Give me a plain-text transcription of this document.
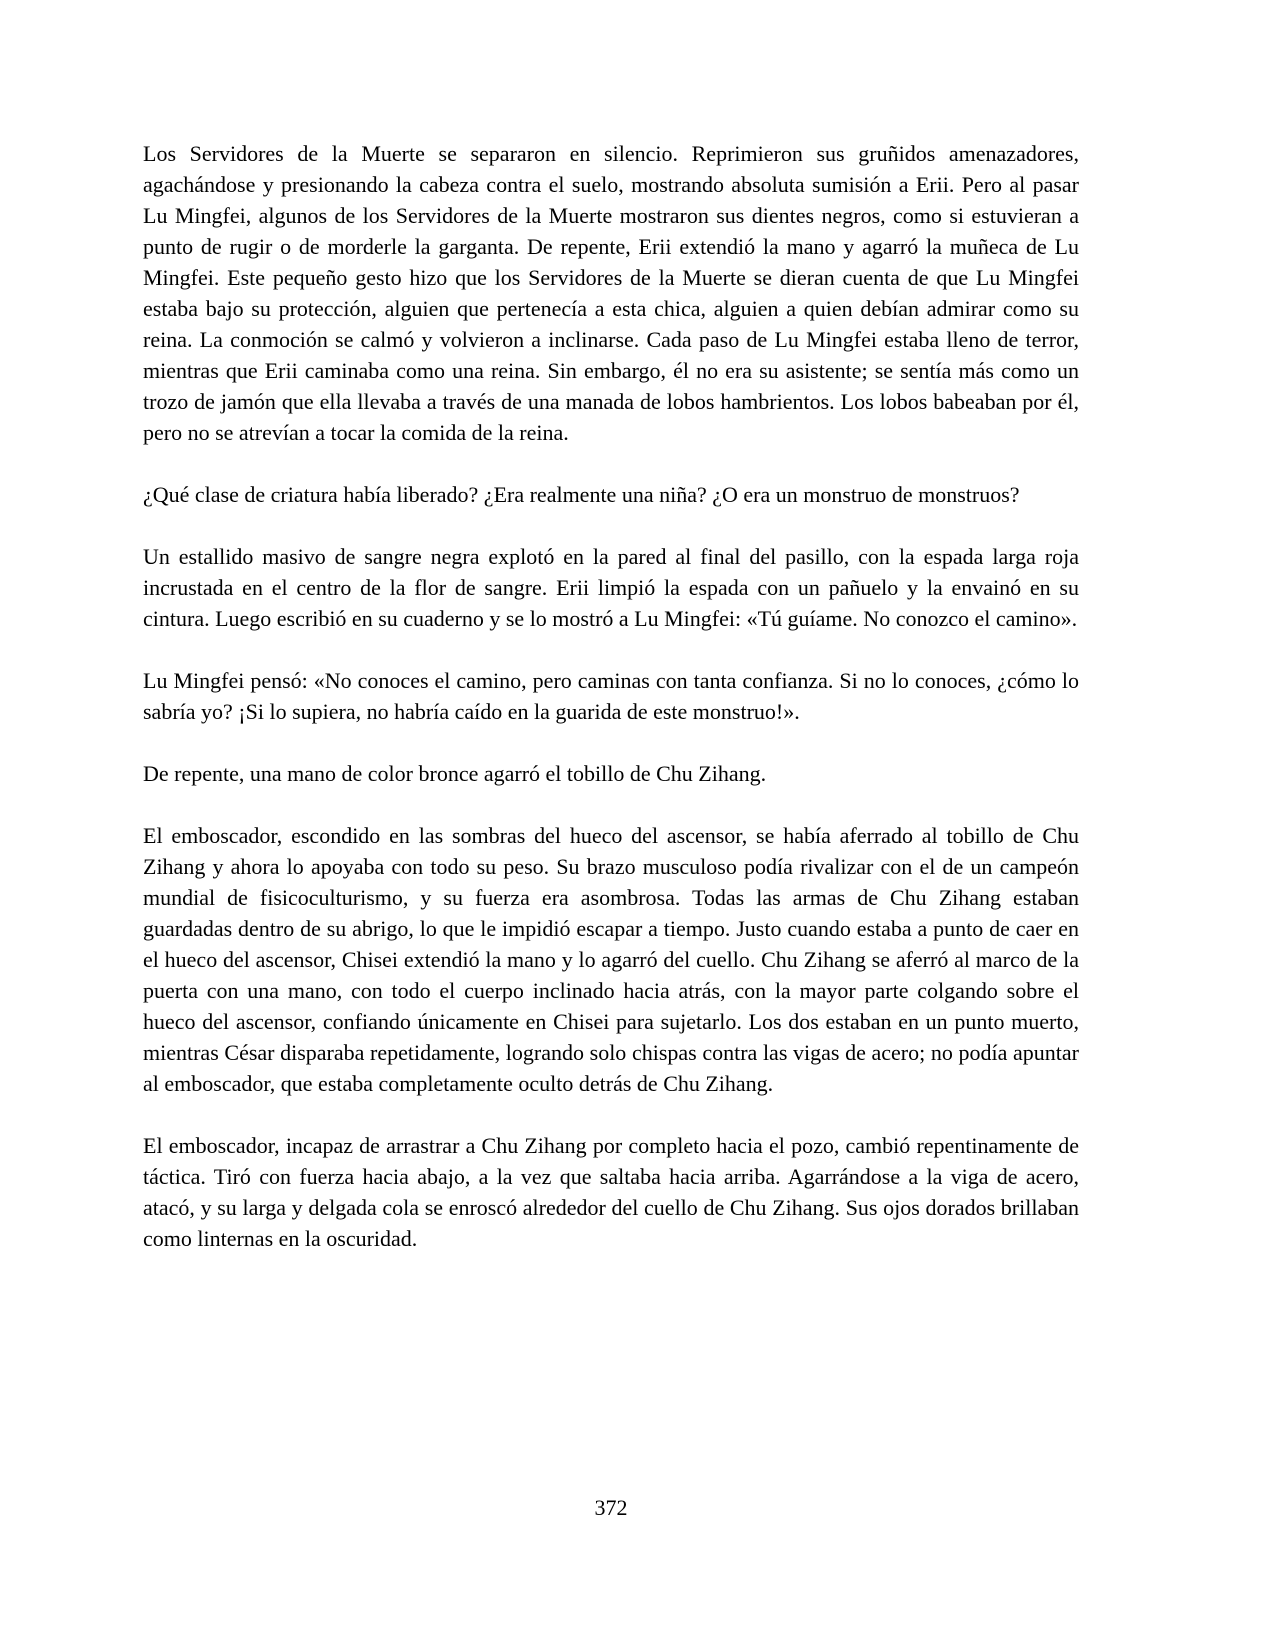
Los Servidores de la Muerte se separaron en silencio. Reprimieron sus gruñidos amenazadores, agachándose y presionando la cabeza contra el suelo, mostrando absoluta sumisión a Erii. Pero al pasar Lu Mingfei, algunos de los Servidores de la Muerte mostraron sus dientes negros, como si estuvieran a punto de rugir o de morderle la garganta. De repente, Erii extendió la mano y agarró la muñeca de Lu Mingfei. Este pequeño gesto hizo que los Servidores de la Muerte se dieran cuenta de que Lu Mingfei estaba bajo su protección, alguien que pertenecía a esta chica, alguien a quien debían admirar como su reina. La conmoción se calmó y volvieron a inclinarse. Cada paso de Lu Mingfei estaba lleno de terror, mientras que Erii caminaba como una reina. Sin embargo, él no era su asistente; se sentía más como un trozo de jamón que ella llevaba a través de una manada de lobos hambrientos. Los lobos babeaban por él, pero no se atrevían a tocar la comida de la reina.

¿Qué clase de criatura había liberado? ¿Era realmente una niña? ¿O era un monstruo de monstruos?

Un estallido masivo de sangre negra explotó en la pared al final del pasillo, con la espada larga roja incrustada en el centro de la flor de sangre. Erii limpió la espada con un pañuelo y la envainó en su cintura. Luego escribió en su cuaderno y se lo mostró a Lu Mingfei: «Tú guíame. No conozco el camino».

Lu Mingfei pensó: «No conoces el camino, pero caminas con tanta confianza. Si no lo conoces, ¿cómo lo sabría yo? ¡Si lo supiera, no habría caído en la guarida de este monstruo!».

De repente, una mano de color bronce agarró el tobillo de Chu Zihang.

El emboscador, escondido en las sombras del hueco del ascensor, se había aferrado al tobillo de Chu Zihang y ahora lo apoyaba con todo su peso. Su brazo musculoso podía rivalizar con el de un campeón mundial de fisicoculturismo, y su fuerza era asombrosa. Todas las armas de Chu Zihang estaban guardadas dentro de su abrigo, lo que le impidió escapar a tiempo. Justo cuando estaba a punto de caer en el hueco del ascensor, Chisei extendió la mano y lo agarró del cuello. Chu Zihang se aferró al marco de la puerta con una mano, con todo el cuerpo inclinado hacia atrás, con la mayor parte colgando sobre el hueco del ascensor, confiando únicamente en Chisei para sujetarlo. Los dos estaban en un punto muerto, mientras César disparaba repetidamente, logrando solo chispas contra las vigas de acero; no podía apuntar al emboscador, que estaba completamente oculto detrás de Chu Zihang.

El emboscador, incapaz de arrastrar a Chu Zihang por completo hacia el pozo, cambió repentinamente de táctica. Tiró con fuerza hacia abajo, a la vez que saltaba hacia arriba. Agarrándose a la viga de acero, atacó, y su larga y delgada cola se enroscó alrededor del cuello de Chu Zihang. Sus ojos dorados brillaban como linternas en la oscuridad.

372
